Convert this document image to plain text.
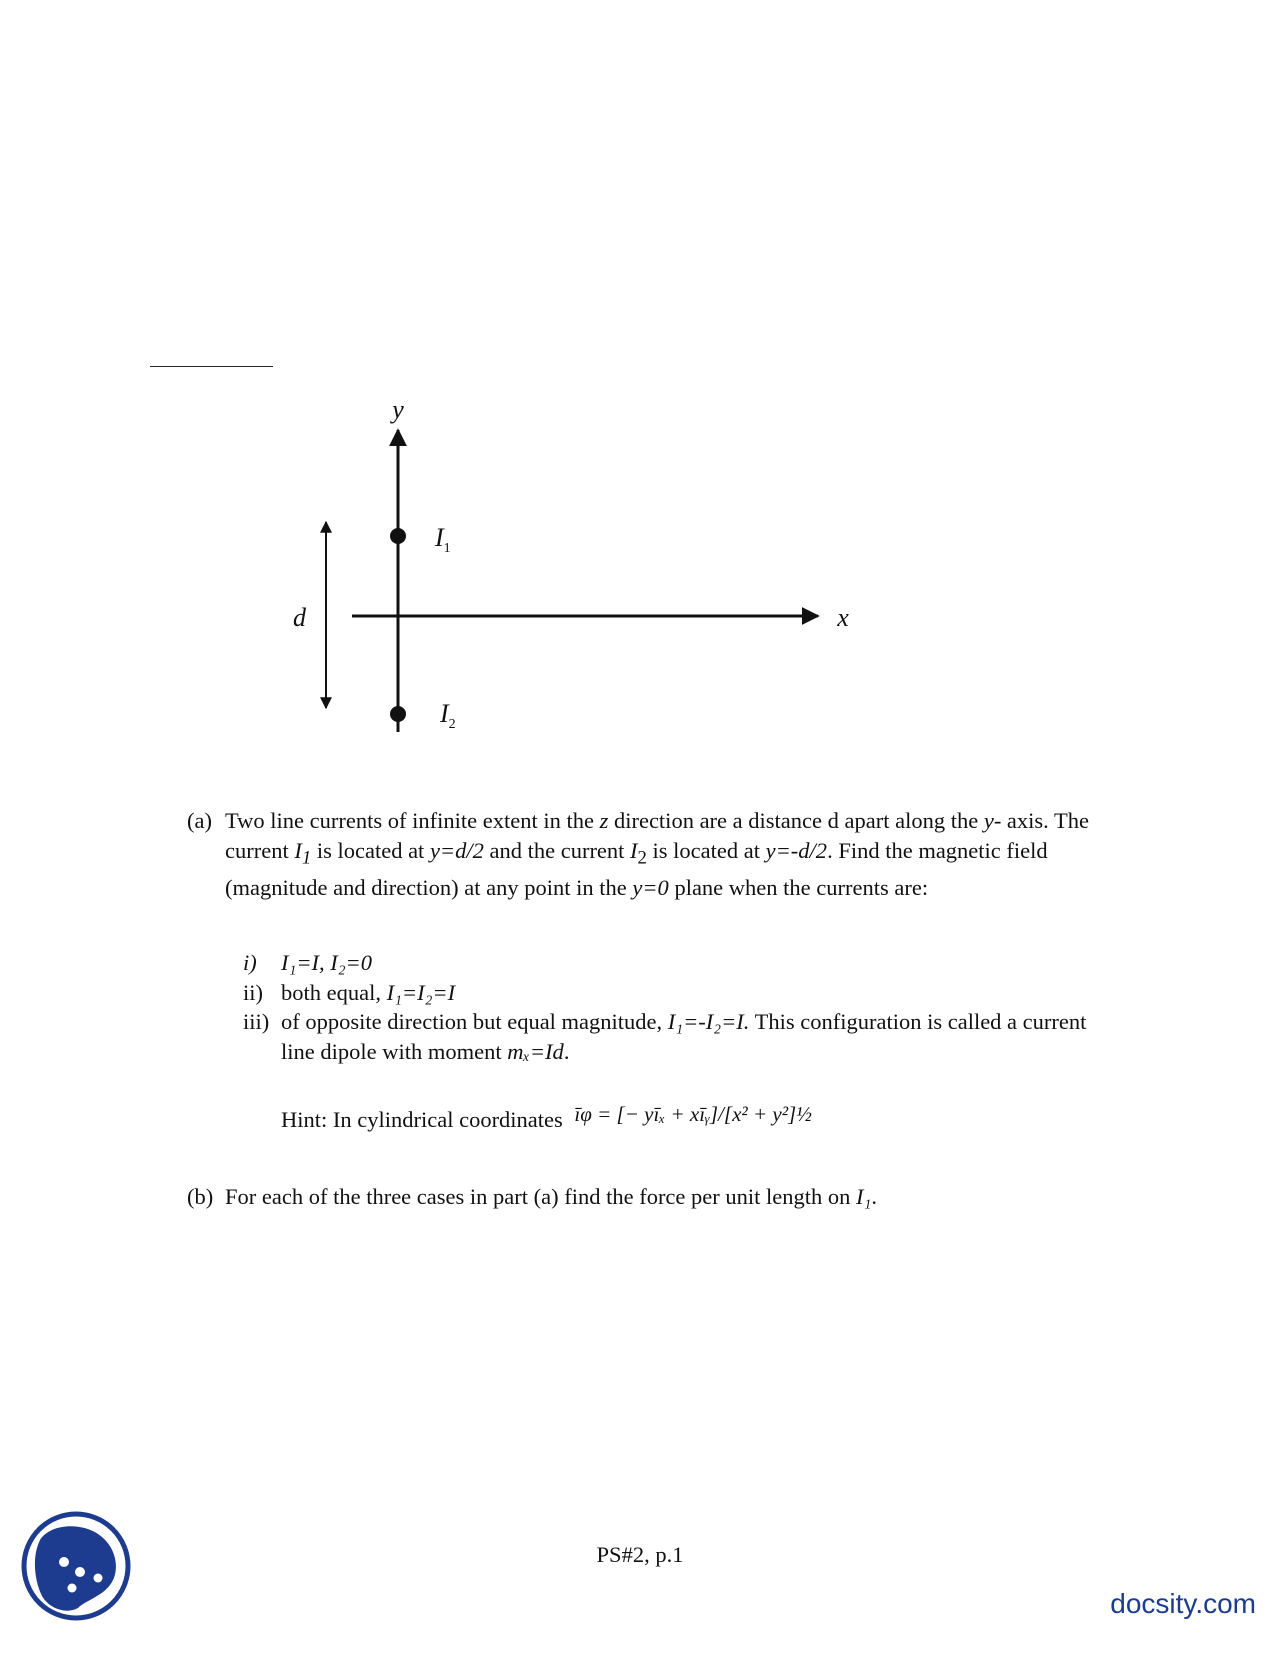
y
x
d
$I_1$
$I_2$
(a) Two line currents of infinite extent in the z direction are a distance d apart along the y- axis. The current $I_1$ is located at y=d/2 and the current $I_2$ is located at y=-d/2. Find the magnetic field (magnitude and direction) at any point in the y=0 plane when the currents are:
i) I₁=I, I₂=0
ii) both equal, I₁=I₂=I
iii) of opposite direction but equal magnitude, I₁=-I₂=I. This configuration is called a current line dipole with moment mₓ=Id.
Hint: In cylindrical coordinates īφ = [− yīₓ + xīᵧ]/[x² + y²]½
(b) For each of the three cases in part (a) find the force per unit length on I₁.
PS#2, p.1
docsity.com
